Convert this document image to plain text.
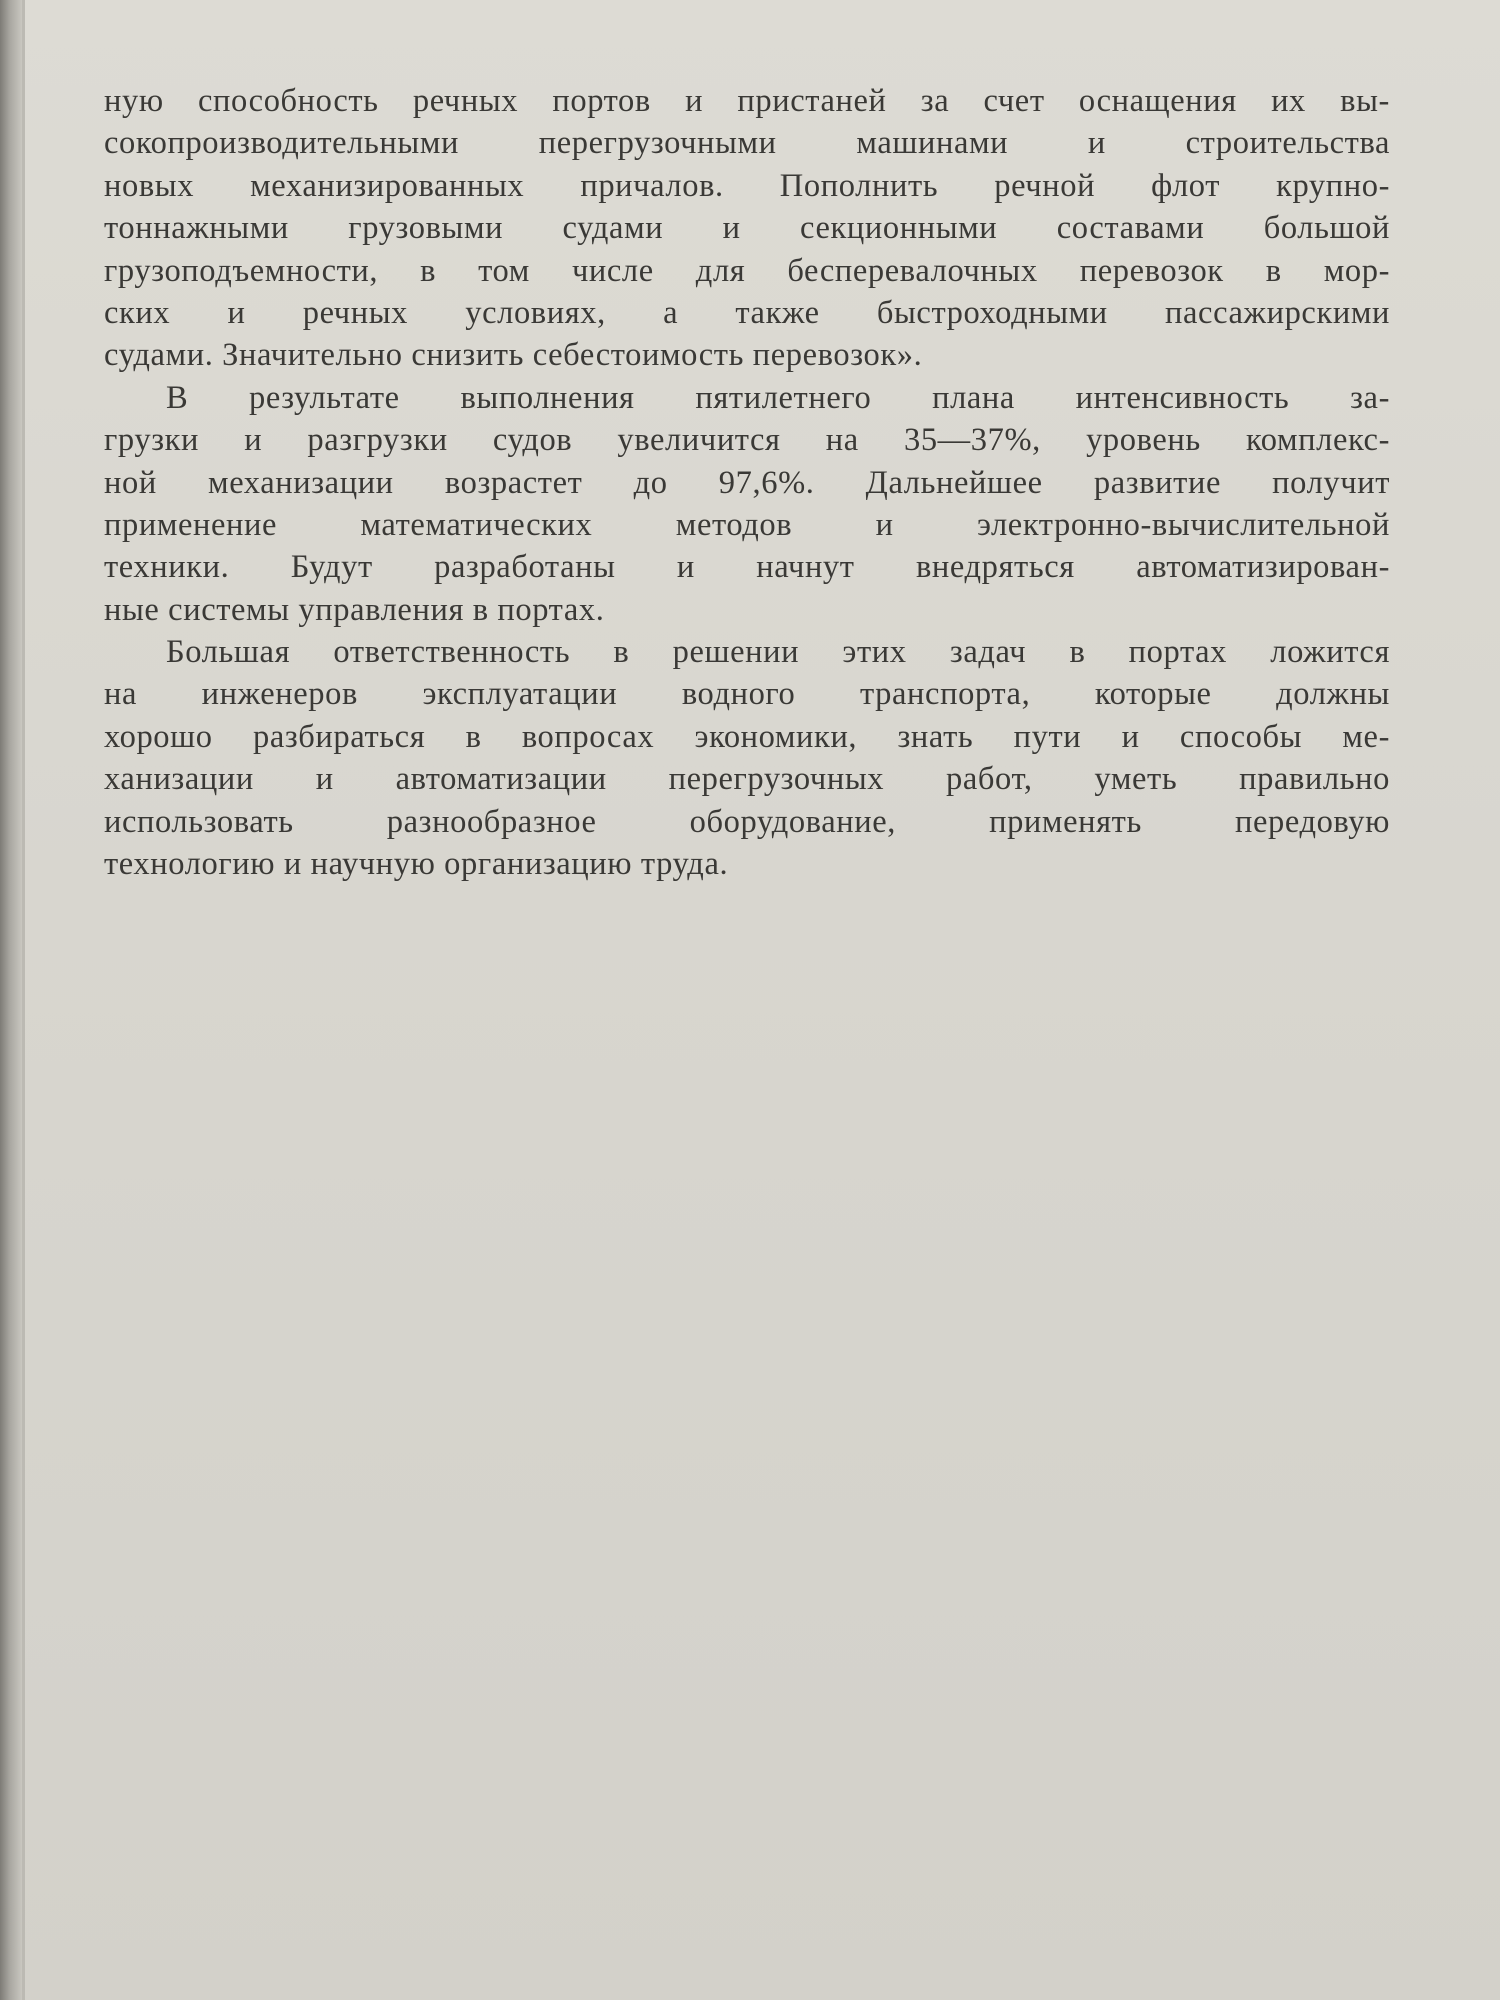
ную способность речных портов и пристаней за счет оснащения их вы-
сокопроизводительными перегрузочными машинами и строительства
новых механизированных причалов. Пополнить речной флот крупно-
тоннажными грузовыми судами и секционными составами большой
грузоподъемности, в том числе для бесперевалочных перевозок в мор-
ских и речных условиях, а также быстроходными пассажирскими
судами. Значительно снизить себестоимость перевозок».
В результате выполнения пятилетнего плана интенсивность за-
грузки и разгрузки судов увеличится на 35—37%, уровень комплекс-
ной механизации возрастет до 97,6%. Дальнейшее развитие получит
применение математических методов и электронно-вычислительной
техники. Будут разработаны и начнут внедряться автоматизирован-
ные системы управления в портах.
Большая ответственность в решении этих задач в портах ложится
на инженеров эксплуатации водного транспорта, которые должны
хорошо разбираться в вопросах экономики, знать пути и способы ме-
ханизации и автоматизации перегрузочных работ, уметь правильно
использовать разнообразное оборудование, применять передовую
технологию и научную организацию труда.
